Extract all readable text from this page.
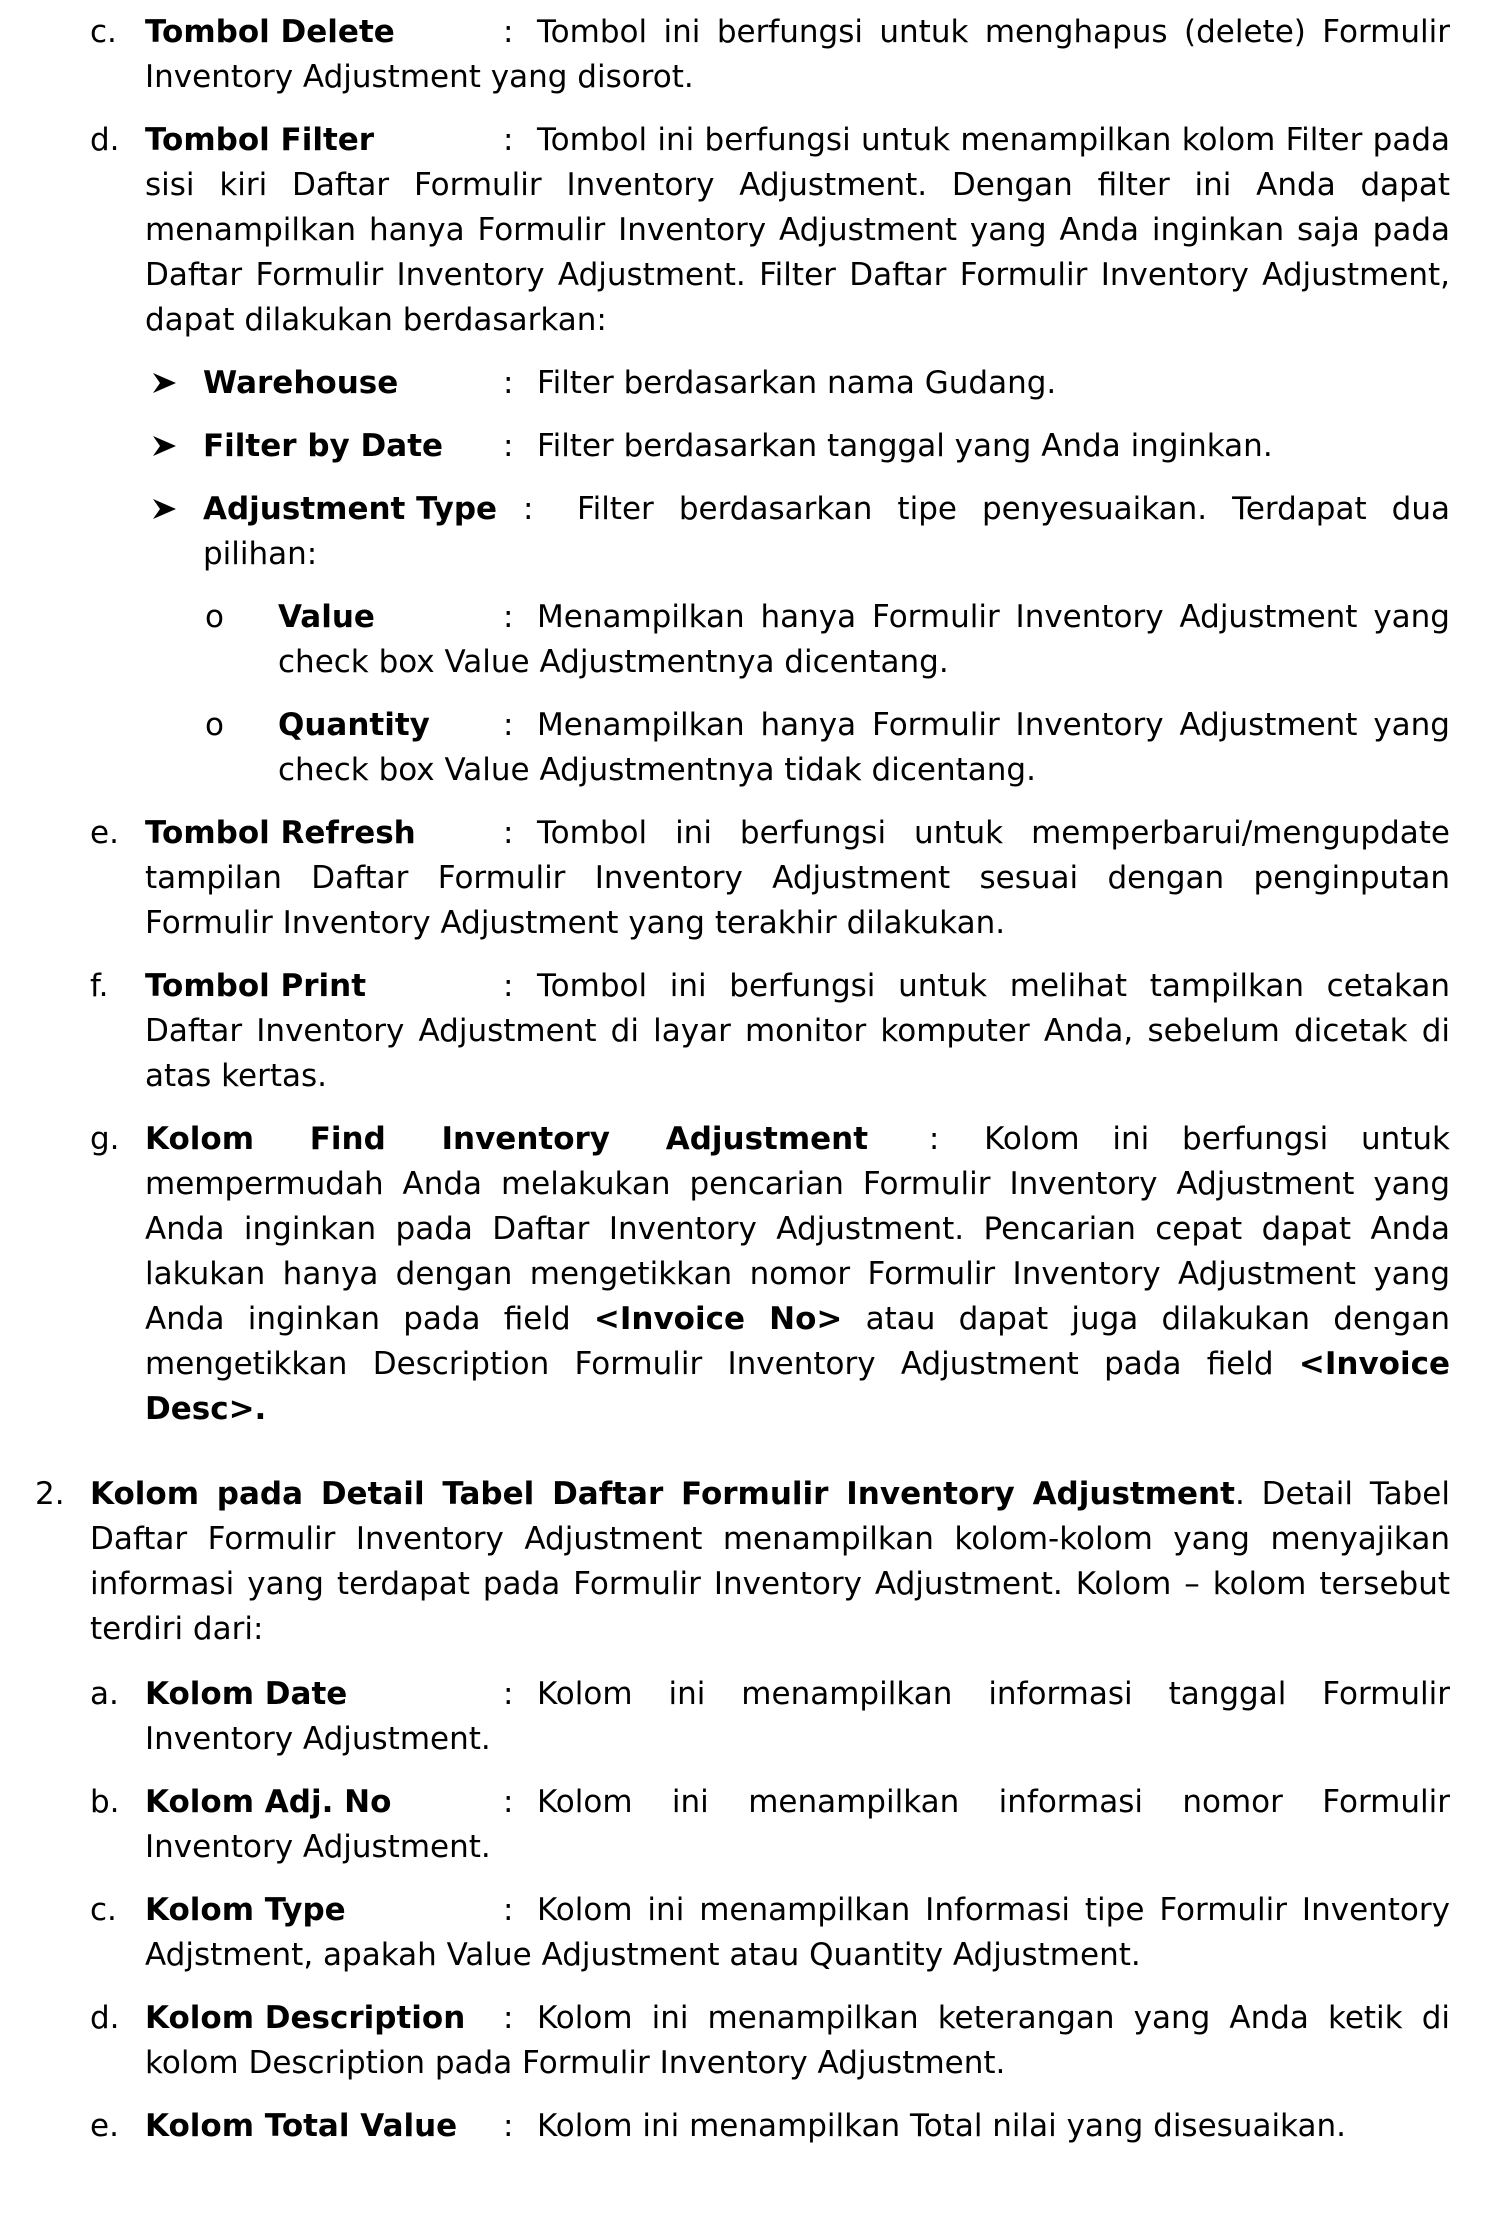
c. Tombol Delete	: Tombol ini berfungsi untuk menghapus (delete) Formulir Inventory Adjustment yang disorot.
d. Tombol Filter	: Tombol ini berfungsi untuk menampilkan kolom Filter pada sisi kiri Daftar Formulir Inventory Adjustment. Dengan filter ini Anda dapat menampilkan hanya Formulir Inventory Adjustment yang Anda inginkan saja pada Daftar Formulir Inventory Adjustment. Filter Daftar Formulir Inventory Adjustment, dapat dilakukan berdasarkan:
Warehouse	: Filter berdasarkan nama Gudang.
Filter by Date : Filter berdasarkan tanggal yang Anda inginkan.
Adjustment Type : Filter berdasarkan tipe penyesuaikan. Terdapat dua pilihan:
o Value	: Menampilkan hanya Formulir Inventory Adjustment yang check box Value Adjustmentnya dicentang.
o Quantity : Menampilkan hanya Formulir Inventory Adjustment yang check box Value Adjustmentnya tidak dicentang.
e. Tombol Refresh	: Tombol ini berfungsi untuk memperbarui/mengupdate tampilan Daftar Formulir Inventory Adjustment sesuai dengan penginputan Formulir Inventory Adjustment yang terakhir dilakukan.
f. Tombol Print	: Tombol ini berfungsi untuk melihat tampilkan cetakan Daftar Inventory Adjustment di layar monitor komputer Anda, sebelum dicetak di atas kertas.
g. Kolom Find Inventory Adjustment : Kolom ini berfungsi untuk mempermudah Anda melakukan pencarian Formulir Inventory Adjustment yang Anda inginkan pada Daftar Inventory Adjustment. Pencarian cepat dapat Anda lakukan hanya dengan mengetikkan nomor Formulir Inventory Adjustment yang Anda inginkan pada field <Invoice No> atau dapat juga dilakukan dengan mengetikkan Description Formulir Inventory Adjustment pada field <Invoice Desc>.
2. Kolom pada Detail Tabel Daftar Formulir Inventory Adjustment. Detail Tabel Daftar Formulir Inventory Adjustment menampilkan kolom-kolom yang menyajikan informasi yang terdapat pada Formulir Inventory Adjustment. Kolom – kolom tersebut terdiri dari:
a. Kolom Date	: Kolom ini menampilkan informasi tanggal Formulir Inventory Adjustment.
b. Kolom Adj. No	: Kolom ini menampilkan informasi nomor Formulir Inventory Adjustment.
c. Kolom Type	: Kolom ini menampilkan Informasi tipe Formulir Inventory Adjstment, apakah Value Adjustment atau Quantity Adjustment.
d. Kolom Description : Kolom ini menampilkan keterangan yang Anda ketik di kolom Description pada Formulir Inventory Adjustment.
e. Kolom Total Value : Kolom ini menampilkan Total nilai yang disesuaikan.
